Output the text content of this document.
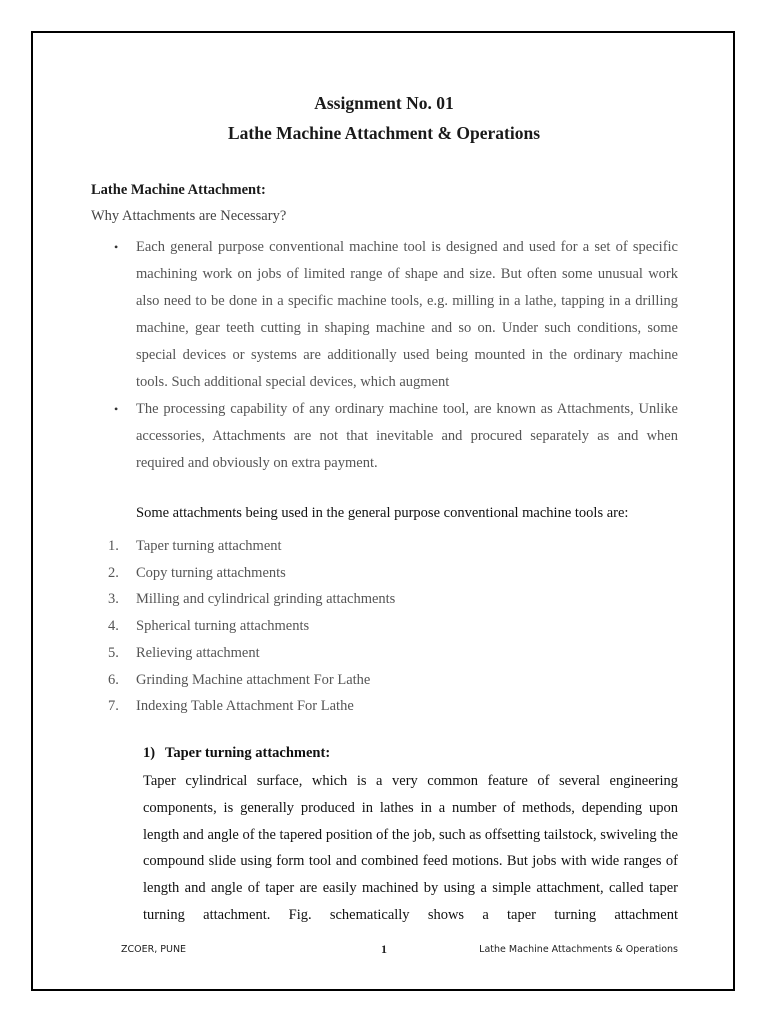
Assignment No. 01
Lathe Machine Attachment & Operations

Lathe Machine Attachment:

Why Attachments are Necessary?

• Each general purpose conventional machine tool is designed and used for a set of specific machining work on jobs of limited range of shape and size. But often some unusual work also need to be done in a specific machine tools, e.g. milling in a lathe, tapping in a drilling machine, gear teeth cutting in shaping machine and so on. Under such conditions, some special devices or systems are additionally used being mounted in the ordinary machine tools. Such additional special devices, which augment
• The processing capability of any ordinary machine tool, are known as Attachments, Unlike accessories, Attachments are not that inevitable and procured separately as and when required and obviously on extra payment.

Some attachments being used in the general purpose conventional machine tools are:

1. Taper turning attachment
2. Copy turning attachments
3. Milling and cylindrical grinding attachments
4. Spherical turning attachments
5. Relieving attachment
6. Grinding Machine attachment For Lathe
7. Indexing Table Attachment For Lathe

1) Taper turning attachment:

Taper cylindrical surface, which is a very common feature of several engineering components, is generally produced in lathes in a number of methods, depending upon length and angle of the tapered position of the job, such as offsetting tailstock, swiveling the compound slide using form tool and combined feed motions. But jobs with wide ranges of length and angle of taper are easily machined by using a simple attachment, called taper turning attachment. Fig. schematically shows a taper turning attachment

ZCOER, PUNE	1	Lathe Machine Attachments & Operations
